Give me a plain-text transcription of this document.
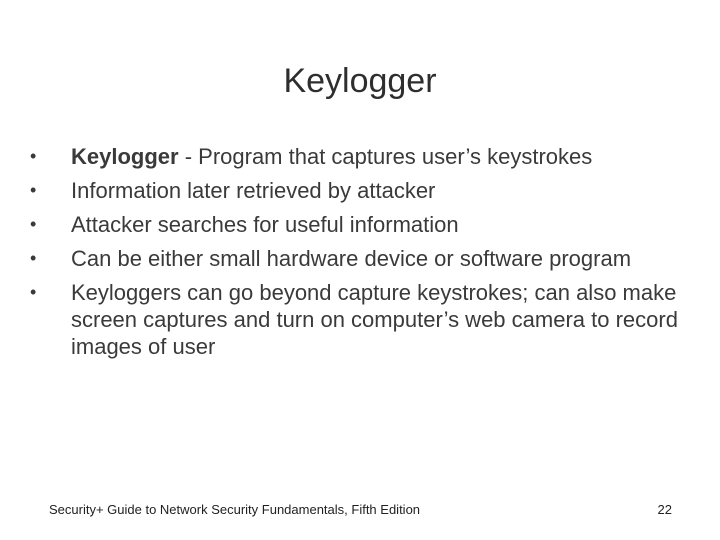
Keylogger
•	Keylogger - Program that captures user’s keystrokes
•	Information later retrieved by attacker
•	Attacker searches for useful information
•	Can be either small hardware device or software program
•	Keyloggers can go beyond capture keystrokes; can also make screen captures and turn on computer’s web camera to record images of user
Security+ Guide to Network Security Fundamentals, Fifth Edition	22
